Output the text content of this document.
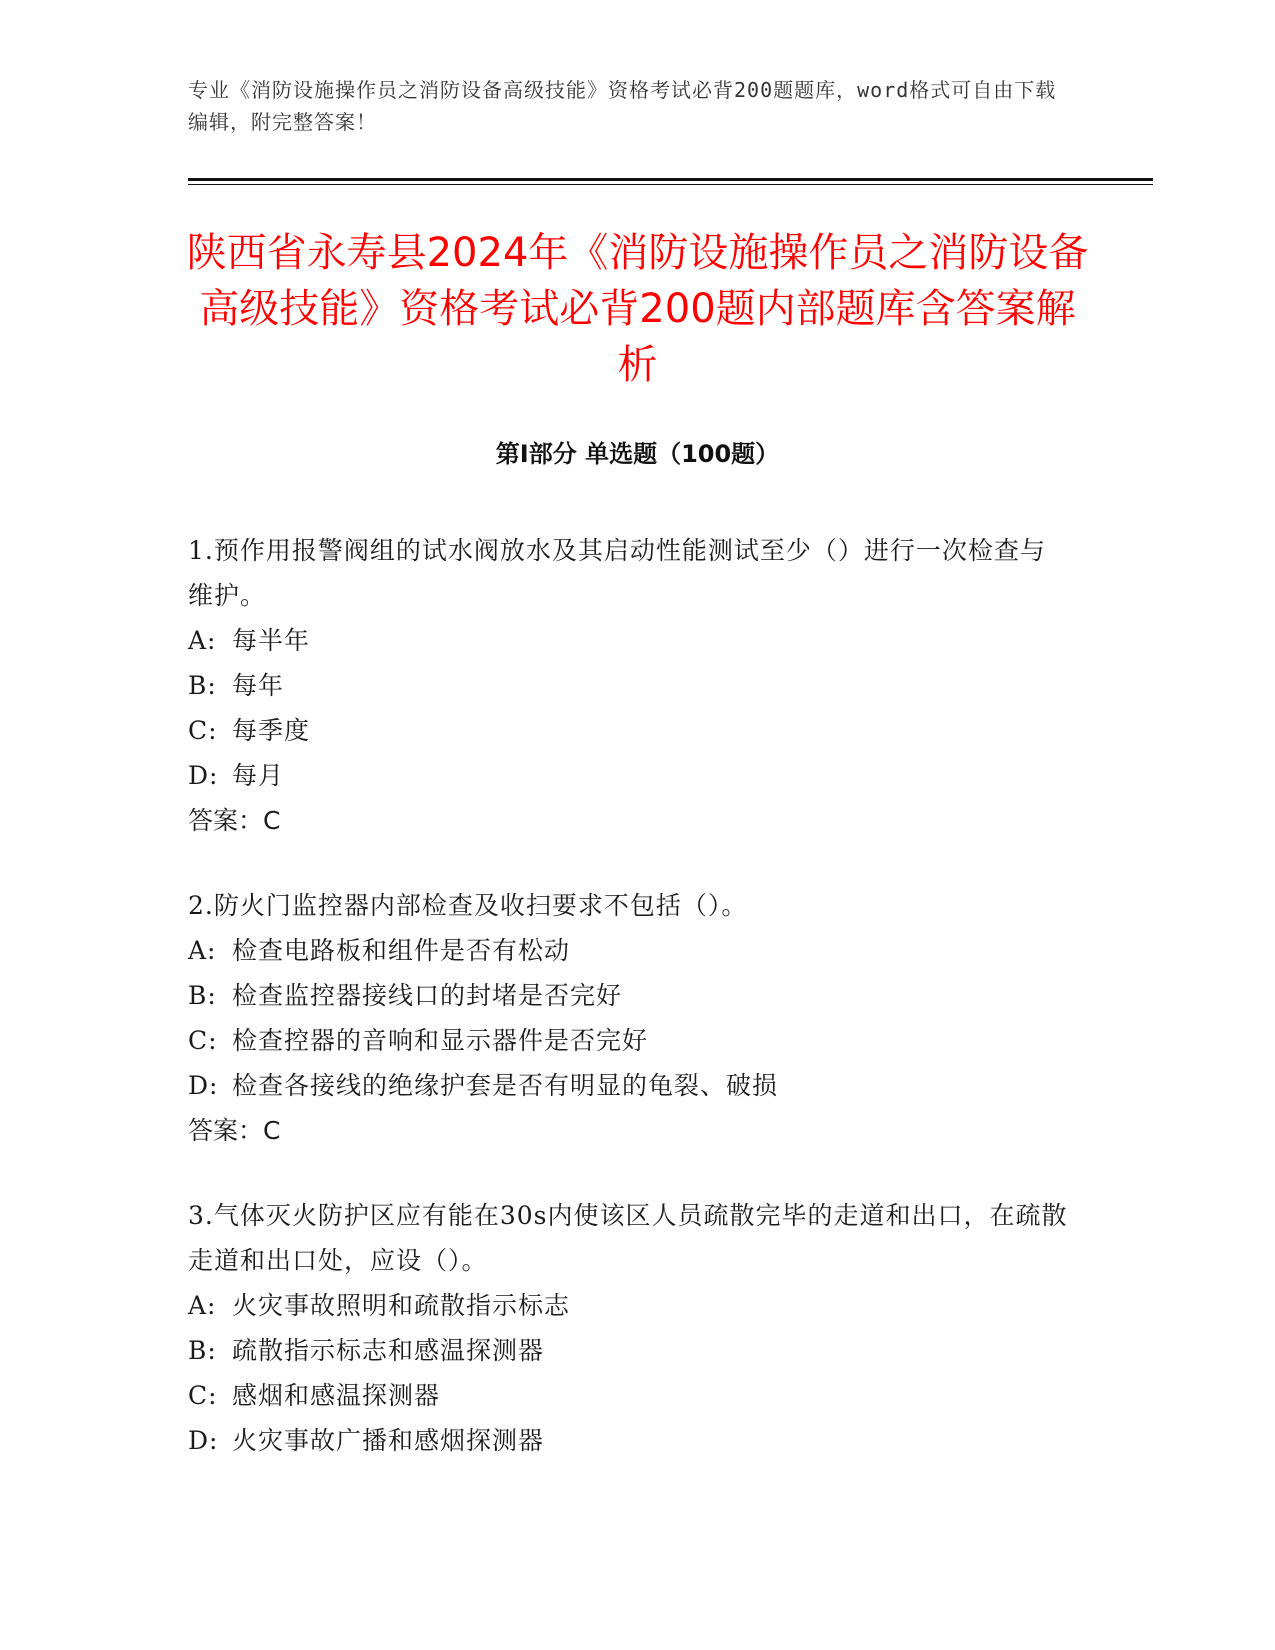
专业《消防设施操作员之消防设备高级技能》资格考试必背200题题库，word格式可自由下载编辑，附完整答案！
陕西省永寿县2024年《消防设施操作员之消防设备高级技能》资格考试必背200题内部题库含答案解析
第Ⅰ部分 单选题（100题）

1.预作用报警阀组的试水阀放水及其启动性能测试至少（）进行一次检查与维护。

A: 每半年

B: 每年

C: 每季度

D: 每月

答案：C

2.防火门监控器内部检查及收扫要求不包括（）。

A: 检查电路板和组件是否有松动

B: 检查监控器接线口的封堵是否完好

C: 检查控器的音响和显示器件是否完好

D: 检查各接线的绝缘护套是否有明显的龟裂、破损

答案：C

3.气体灭火防护区应有能在30s内使该区人员疏散完毕的走道和出口，在疏散走道和出口处，应设（）。

A: 火灾事故照明和疏散指示标志

B: 疏散指示标志和感温探测器

C: 感烟和感温探测器

D: 火灾事故广播和感烟探测器
